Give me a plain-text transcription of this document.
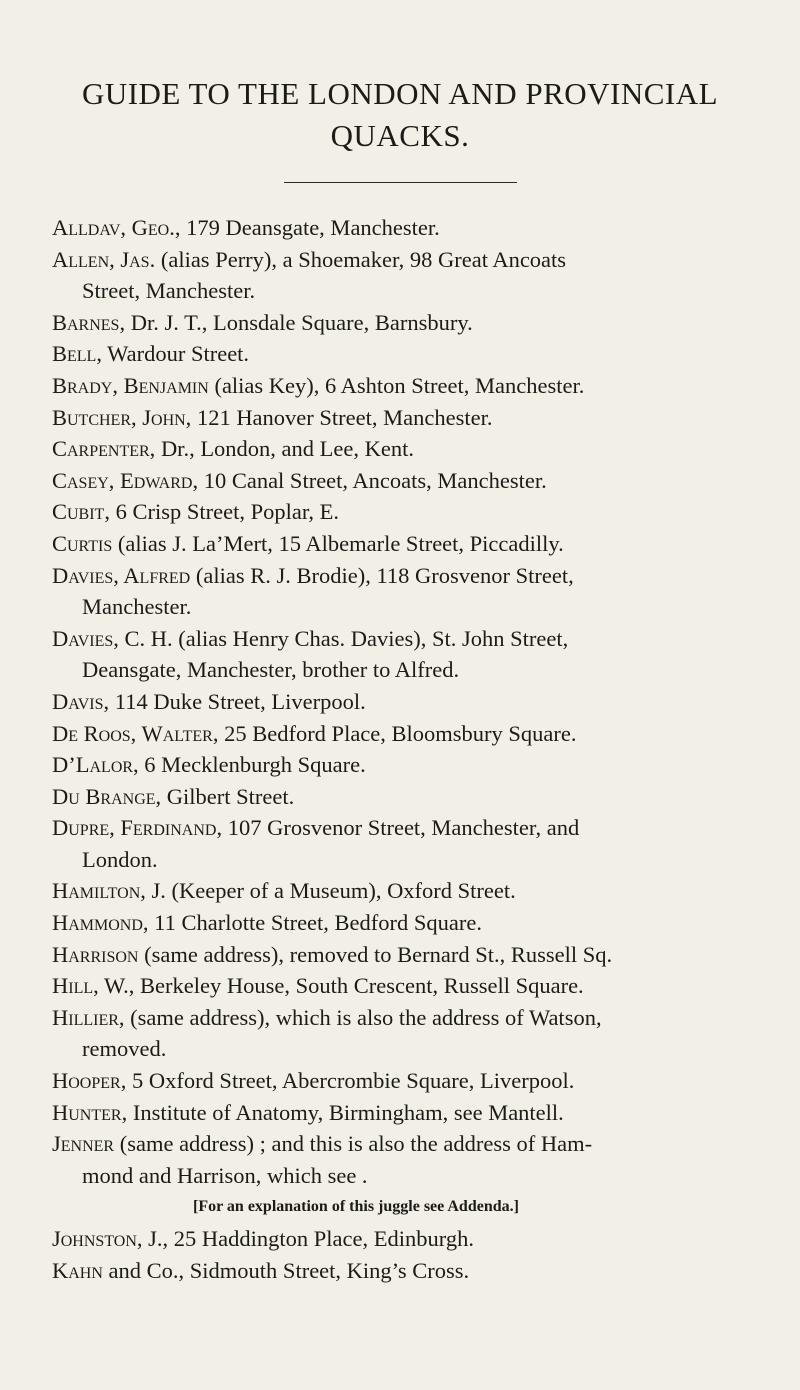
GUIDE TO THE LONDON AND PROVINCIAL
QUACKS.
Alldav, Geo., 179 Deansgate, Manchester.
Allen, Jas. (alias Perry), a Shoemaker, 98 Great Ancoats
Street, Manchester.
Barnes, Dr. J. T., Lonsdale Square, Barnsbury.
Bell, Wardour Street.
Brady, Benjamin (alias Key), 6 Ashton Street, Manchester.
Butcher, John, 121 Hanover Street, Manchester.
Carpenter, Dr., London, and Lee, Kent.
Casey, Edward, 10 Canal Street, Ancoats, Manchester.
Cubit, 6 Crisp Street, Poplar, E.
Curtis (alias J. La’Mert, 15 Albemarle Street, Piccadilly.
Davies, Alfred (alias R. J. Brodie), 118 Grosvenor Street,
Manchester.
Davies, C. H. (alias Henry Chas. Davies), St. John Street,
Deansgate, Manchester, brother to Alfred.
Davis, 114 Duke Street, Liverpool.
De Roos, Walter, 25 Bedford Place, Bloomsbury Square.
D’Lalor, 6 Mecklenburgh Square.
Du Brange, Gilbert Street.
Dupre, Ferdinand, 107 Grosvenor Street, Manchester, and
London.
Hamilton, J. (Keeper of a Museum), Oxford Street.
Hammond, 11 Charlotte Street, Bedford Square.
Harrison (same address), removed to Bernard St., Russell Sq.
Hill, W., Berkeley House, South Crescent, Russell Square.
Hillier, (same address), which is also the address of Watson,
removed.
Hooper, 5 Oxford Street, Abercrombie Square, Liverpool.
Hunter, Institute of Anatomy, Birmingham, see Mantell.
Jenner (same address) ; and this is also the address of Ham-
mond and Harrison, which see .
[For an explanation of this juggle see Addenda.]
Johnston, J., 25 Haddington Place, Edinburgh.
Kahn and Co., Sidmouth Street, King’s Cross.
